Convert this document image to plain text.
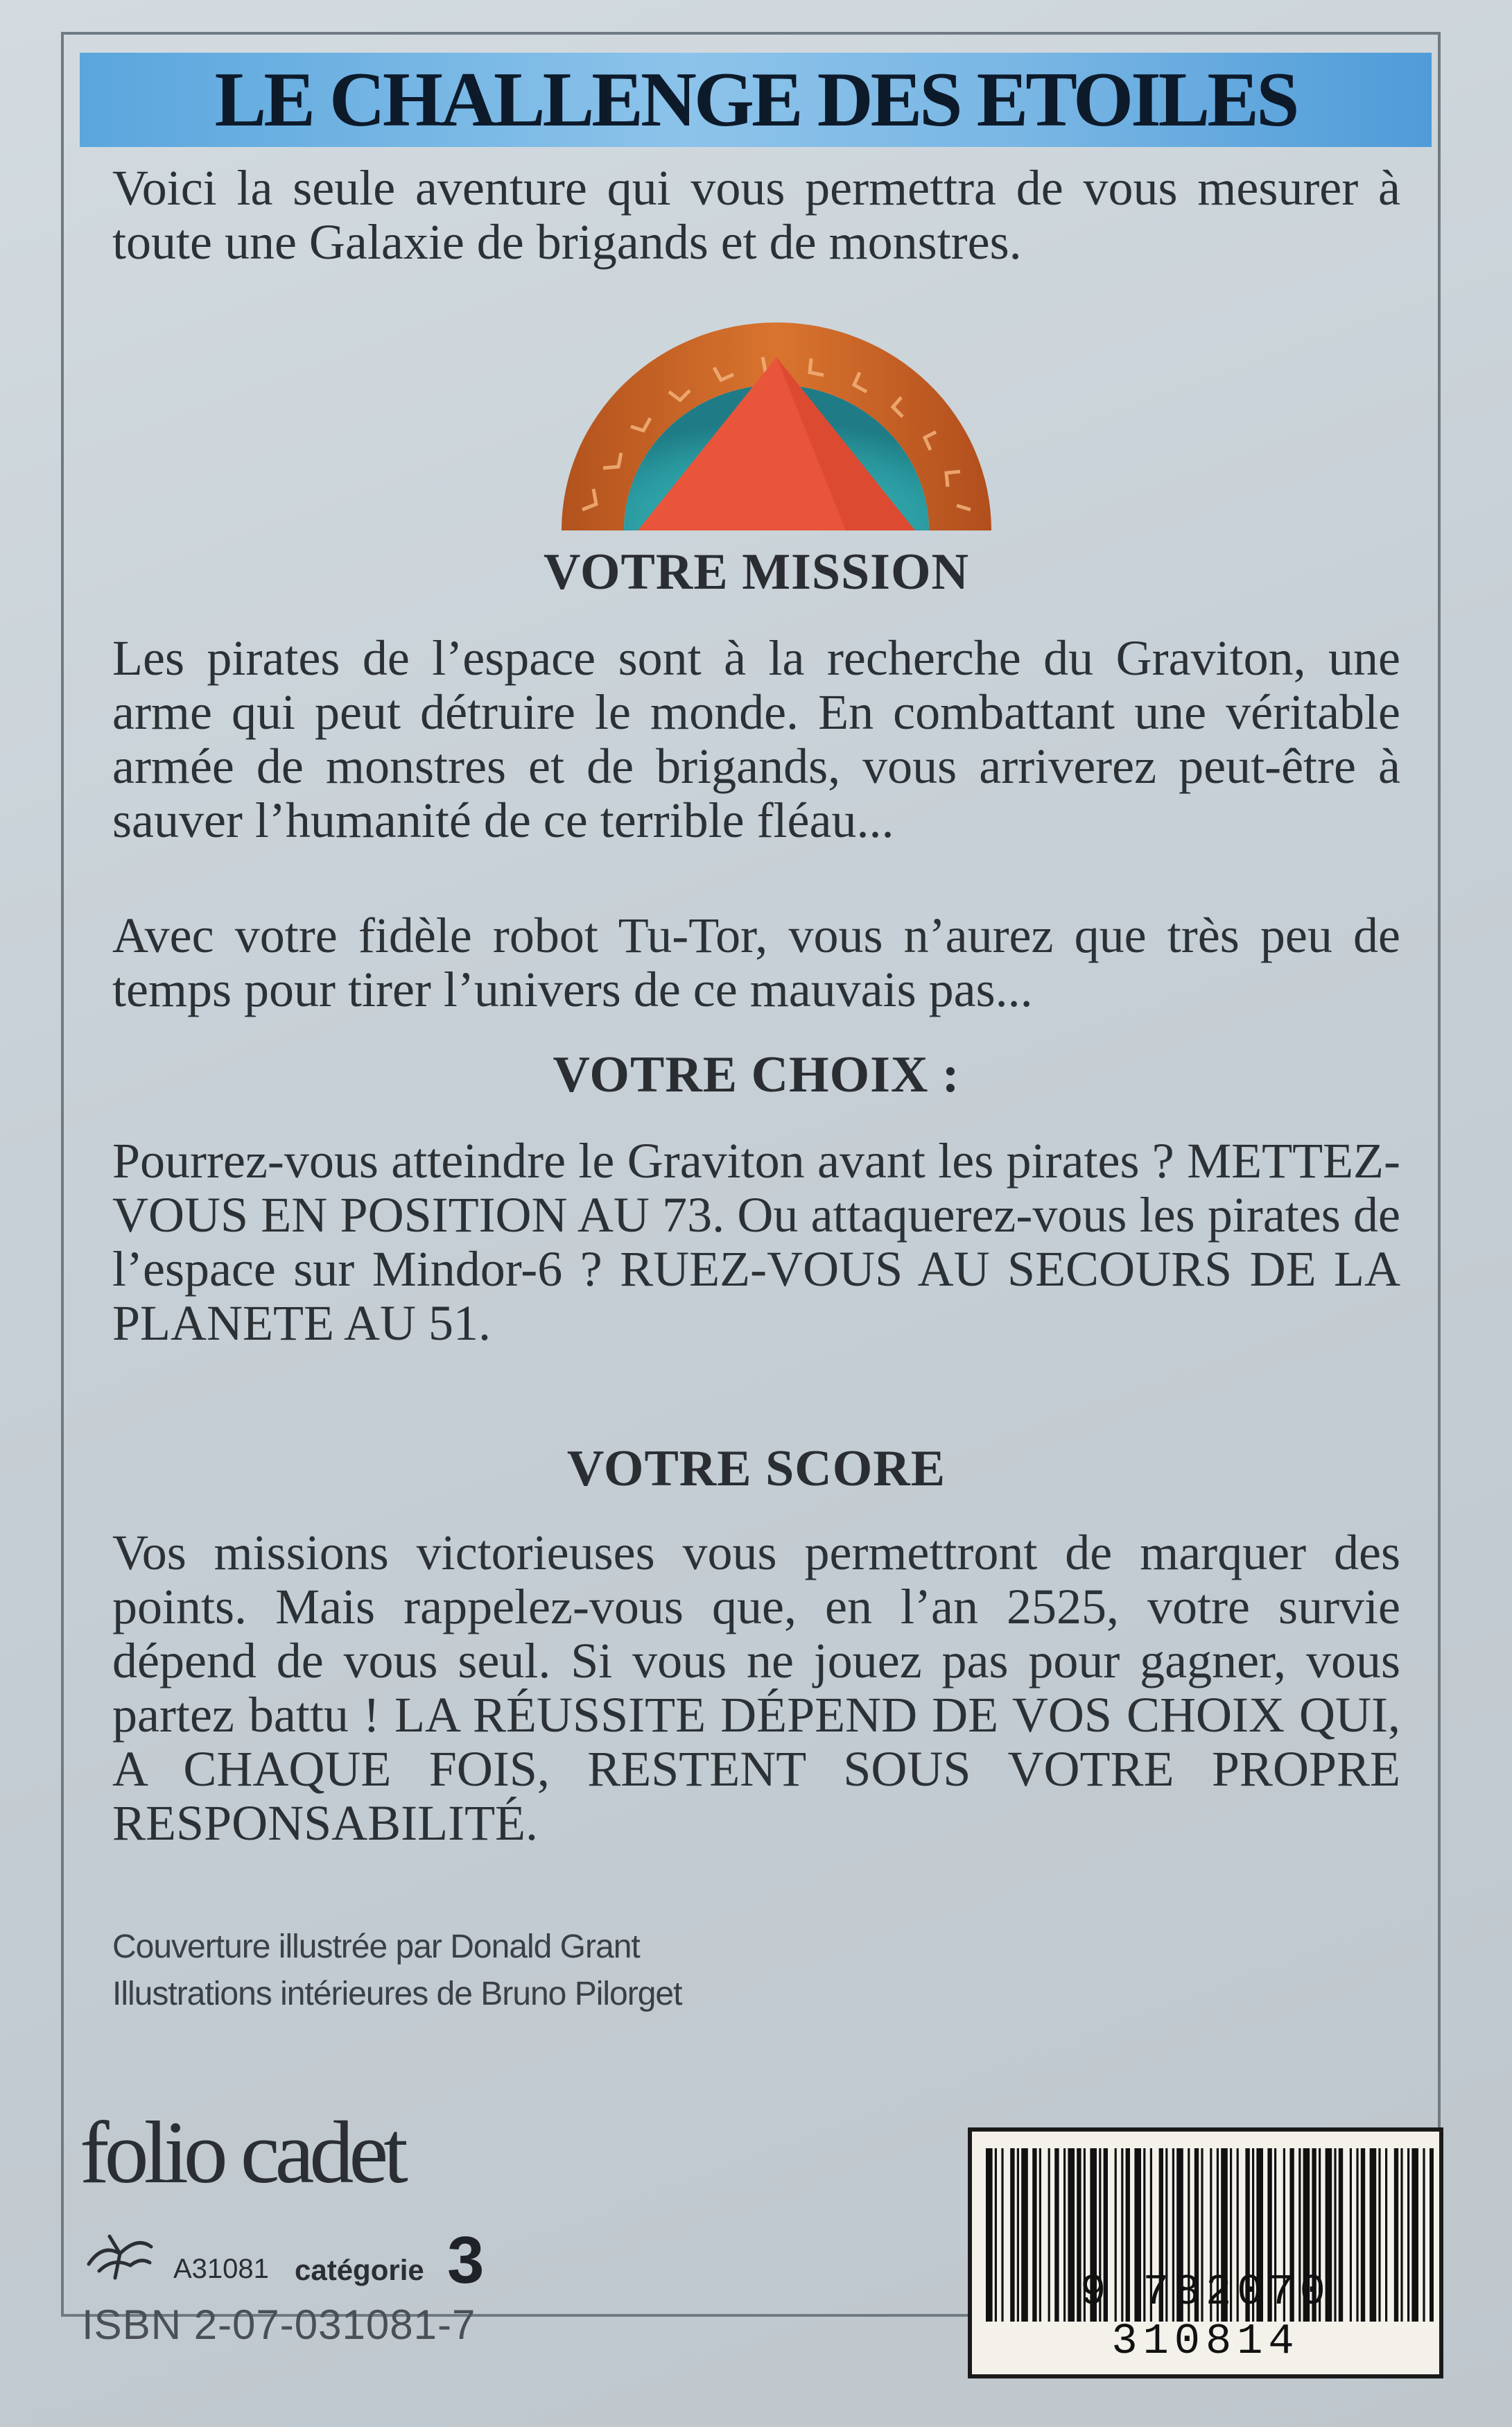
LE CHALLENGE DES ETOILES

Voici la seule aventure qui vous permettra de vous mesurer à toute une Galaxie de brigands et de monstres.

VOTRE MISSION

Les pirates de l’espace sont à la recherche du Graviton, une arme qui peut détruire le monde. En combattant une véritable armée de monstres et de brigands, vous arriverez peut-être à sauver l’humanité de ce terrible fléau...

Avec votre fidèle robot Tu-Tor, vous n’aurez que très peu de temps pour tirer l’univers de ce mauvais pas...

VOTRE CHOIX :

Pourrez-vous atteindre le Graviton avant les pirates ? METTEZ-VOUS EN POSITION AU 73. Ou attaquerez-vous les pirates de l’espace sur Mindor-6 ? RUEZ-VOUS AU SECOURS DE LA PLANETE AU 51.

VOTRE SCORE

Vos missions victorieuses vous permettront de marquer des points. Mais rappelez-vous que, en l’an 2525, votre survie dépend de vous seul. Si vous ne jouez pas pour gagner, vous partez battu ! LA RÉUSSITE DÉPEND DE VOS CHOIX QUI, A CHAQUE FOIS, RESTENT SOUS VOTRE PROPRE RESPONSABILITÉ.

Couverture illustrée par Donald Grant
Illustrations intérieures de Bruno Pilorget
folio cadet
A31081 catégorie 3
ISBN 2-07-031081-7
9 782070 310814
